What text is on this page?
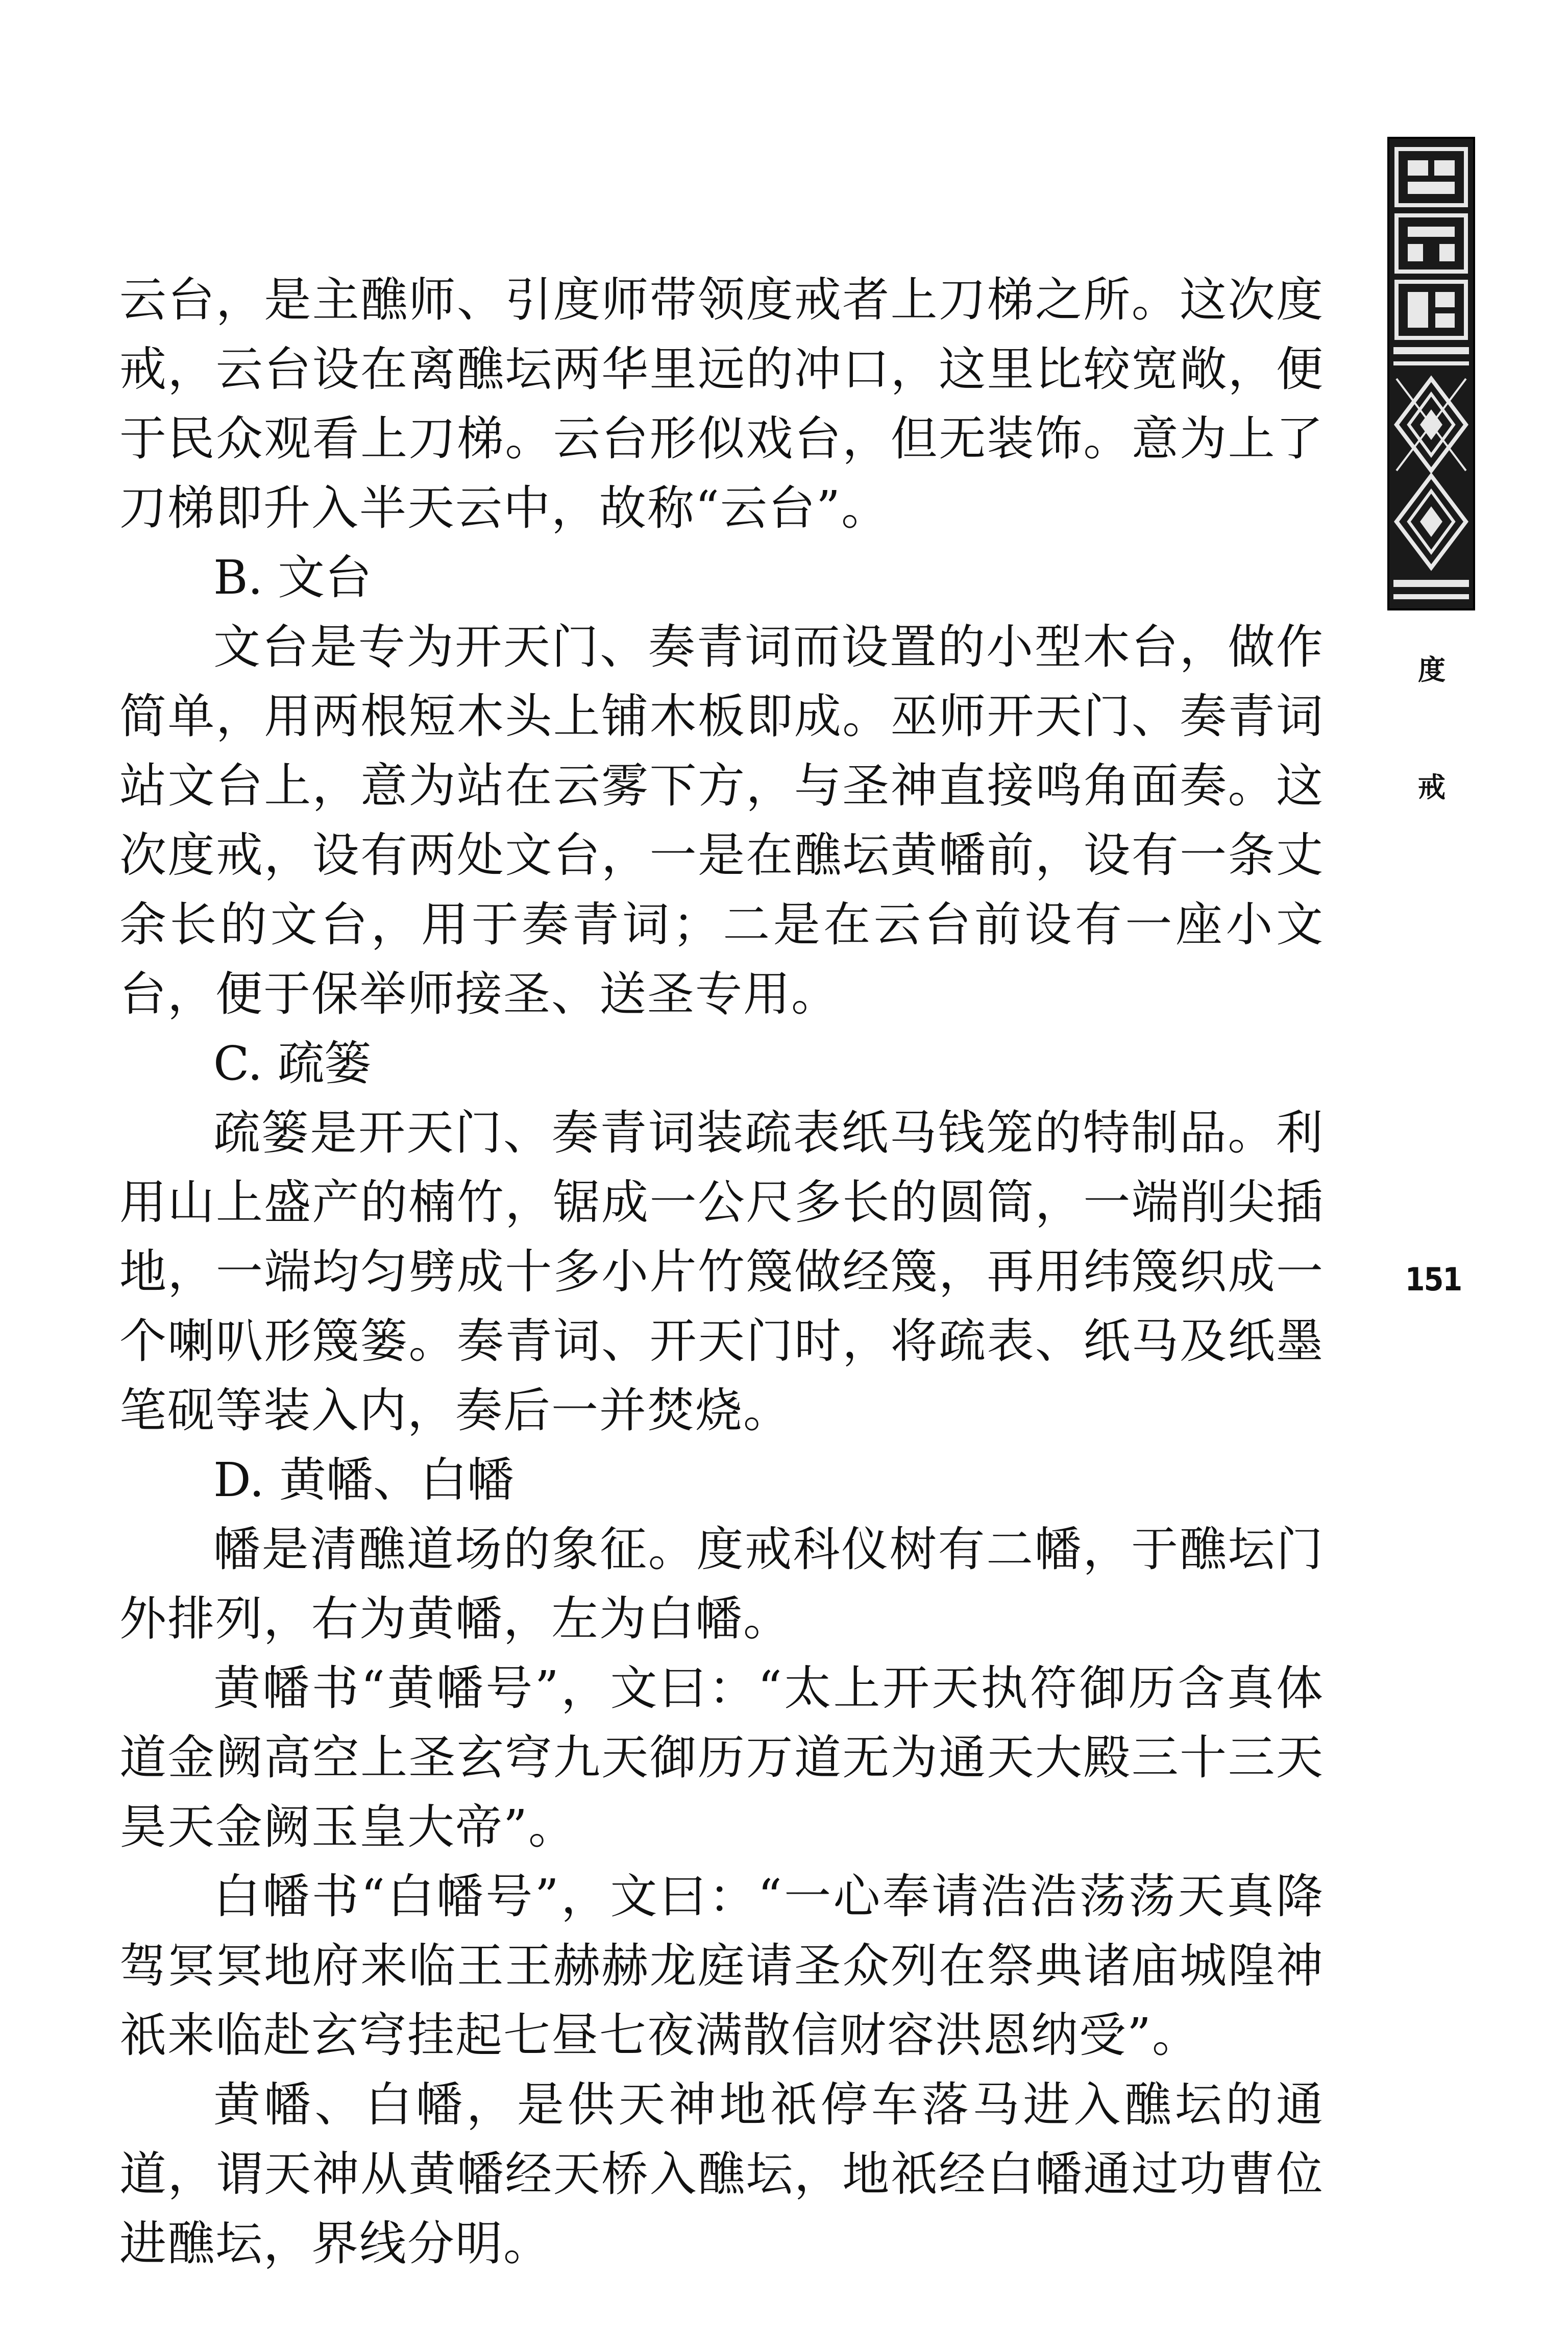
度
戒
151

云台，是主醮师、引度师带领度戒者上刀梯之所。这次度戒，云台设在离醮坛两华里远的冲口，这里比较宽敞，便于民众观看上刀梯。云台形似戏台，但无装饰。意为上了刀梯即升入半天云中，故称“云台”。

B. 文台

文台是专为开天门、奏青词而设置的小型木台，做作简单，用两根短木头上铺木板即成。巫师开天门、奏青词站文台上，意为站在云雾下方，与圣神直接鸣角面奏。这次度戒，设有两处文台，一是在醮坛黄幡前，设有一条丈余长的文台，用于奏青词；二是在云台前设有一座小文台，便于保举师接圣、送圣专用。

C. 疏篓

疏篓是开天门、奏青词装疏表纸马钱笼的特制品。利用山上盛产的楠竹，锯成一公尺多长的圆筒，一端削尖插地，一端均匀劈成十多小片竹篾做经篾，再用纬篾织成一个喇叭形篾篓。奏青词、开天门时，将疏表、纸马及纸墨笔砚等装入内，奏后一并焚烧。

D. 黄幡、白幡

幡是清醮道场的象征。度戒科仪树有二幡，于醮坛门外排列，右为黄幡，左为白幡。

黄幡书“黄幡号”，文曰：“太上开天执符御历含真体道金阙高空上圣玄穹九天御历万道无为通天大殿三十三天昊天金阙玉皇大帝”。

白幡书“白幡号”，文曰：“一心奉请浩浩荡荡天真降驾冥冥地府来临王王赫赫龙庭请圣众列在祭典诸庙城隍神祇来临赴玄穹挂起七昼七夜满散信财容洪恩纳受”。

黄幡、白幡，是供天神地祇停车落马进入醮坛的通道，谓天神从黄幡经天桥入醮坛，地祇经白幡通过功曹位进醮坛，界线分明。
